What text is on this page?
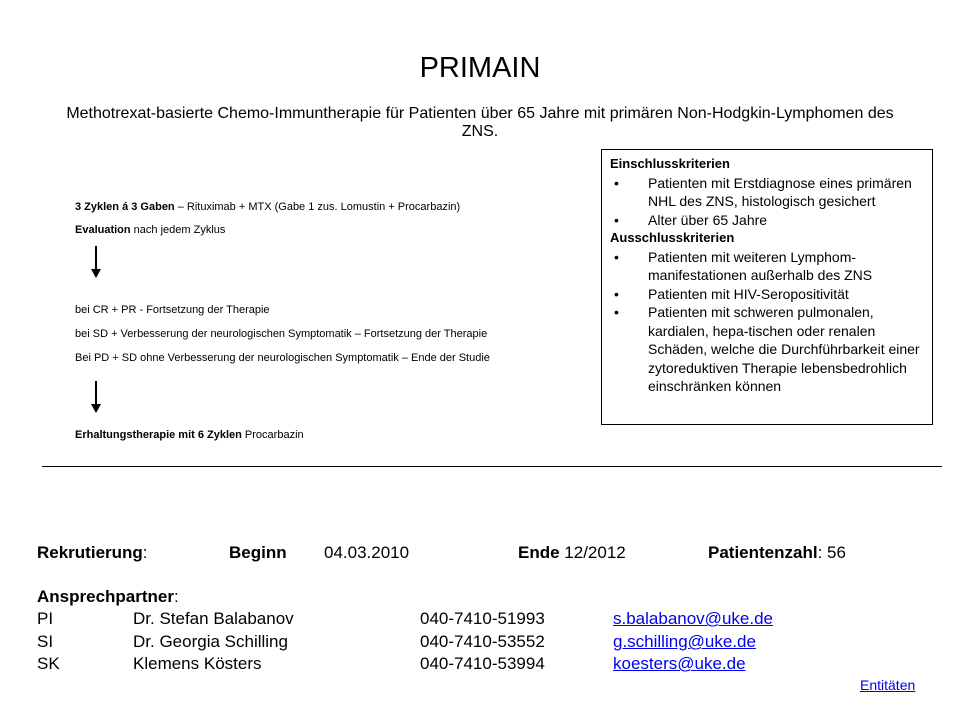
PRIMAIN
Methotrexat-basierte Chemo-Immuntherapie für Patienten über 65 Jahre mit primären Non-Hodgkin-Lymphomen des ZNS.
3 Zyklen á 3 Gaben – Rituximab + MTX (Gabe 1 zus. Lomustin + Procarbazin)
Evaluation nach jedem Zyklus
bei CR + PR - Fortsetzung der Therapie
bei SD + Verbesserung der neurologischen Symptomatik – Fortsetzung der Therapie
Bei PD + SD ohne Verbesserung der neurologischen Symptomatik – Ende der Studie
Erhaltungstherapie mit 6 Zyklen Procarbazin
Einschlusskriterien
• Patienten mit Erstdiagnose eines primären NHL des ZNS, histologisch gesichert
• Alter über 65 Jahre
Ausschlusskriterien
• Patienten mit weiteren Lymphom-manifestationen außerhalb des ZNS
• Patienten mit HIV-Seropositivität
• Patienten mit schweren pulmonalen, kardialen, hepa-tischen oder renalen Schäden, welche die Durchführbarkeit einer zytoreduktiven Therapie lebensbedrohlich einschränken können
Rekrutierung:	Beginn 04.03.2010	Ende 12/2012	Patientenzahl: 56
Ansprechpartner:
PI	Dr. Stefan Balabanov	040-7410-51993	s.balabanov@uke.de
SI	Dr. Georgia Schilling	040-7410-53552	g.schilling@uke.de
SK	Klemens Kösters	040-7410-53994	koesters@uke.de
Entitäten
